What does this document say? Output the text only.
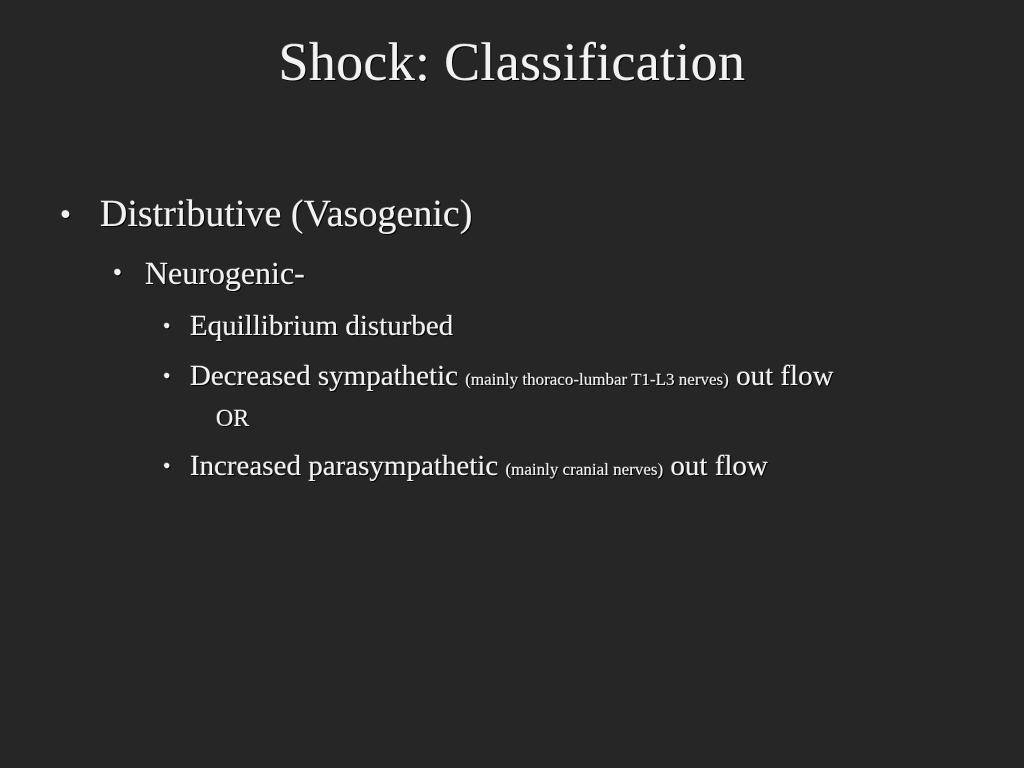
Shock: Classification
• Distributive (Vasogenic)
• Neurogenic-
• Equillibrium disturbed
• Decreased sympathetic (mainly thoraco-lumbar T1-L3 nerves) out flow
OR
• Increased parasympathetic (mainly cranial nerves) out flow
